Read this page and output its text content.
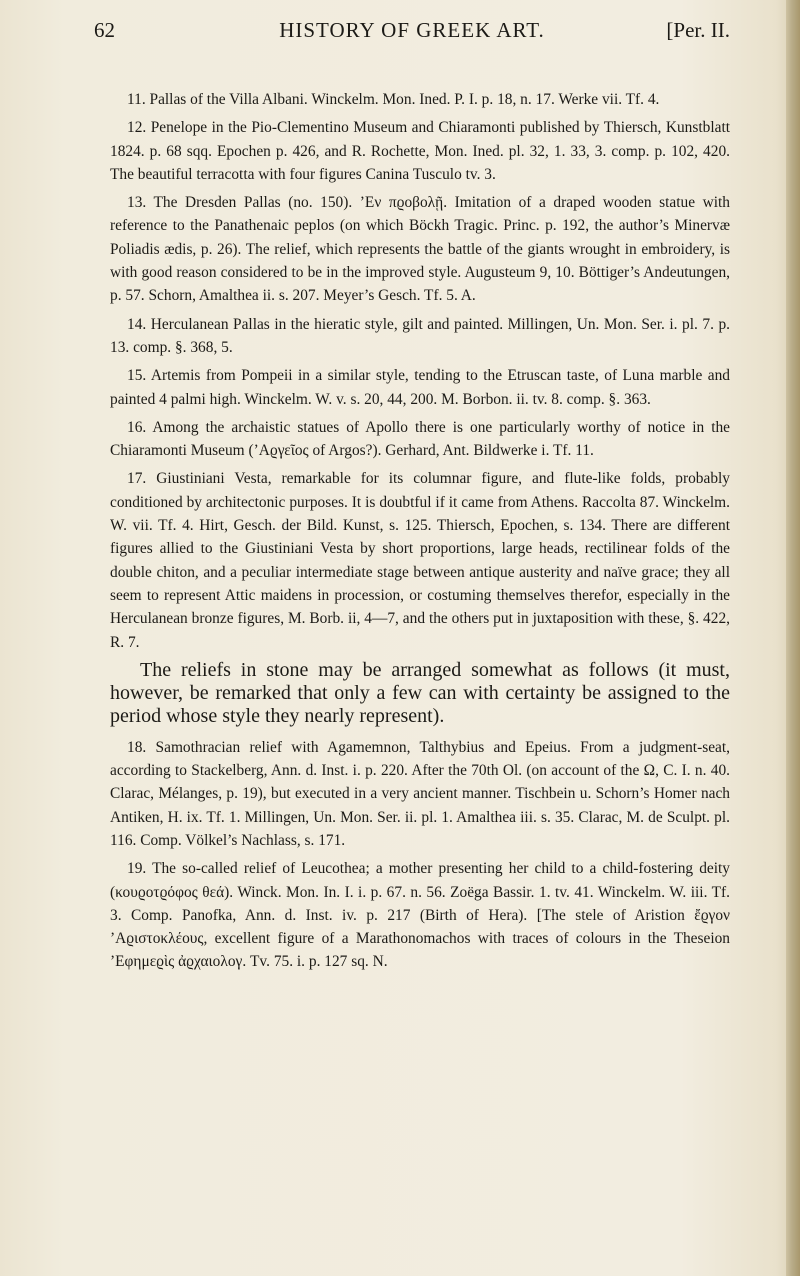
62	HISTORY OF GREEK ART.	[Per. II.

11. Pallas of the Villa Albani. Winckelm. Mon. Ined. P. I. p. 18, n. 17. Werke vii. Tf. 4.

12. Penelope in the Pio-Clementino Museum and Chiaramonti published by Thiersch, Kunstblatt 1824. p. 68 sqq. Epochen p. 426, and R. Rochette, Mon. Ined. pl. 32, 1. 33, 3. comp. p. 102, 420. The beautiful terracotta with four figures Canina Tusculo tv. 3.

13. The Dresden Pallas (no. 150). ’Εν πϱοβολῇ. Imitation of a draped wooden statue with reference to the Panathenaic peplos (on which Böckh Tragic. Princ. p. 192, the author’s Minervæ Poliadis ædis, p. 26). The relief, which represents the battle of the giants wrought in embroidery, is with good reason considered to be in the improved style. Augusteum 9, 10. Böttiger’s Andeutungen, p. 57. Schorn, Amalthea ii. s. 207. Meyer’s Gesch. Tf. 5. A.

14. Herculanean Pallas in the hieratic style, gilt and painted. Millingen, Un. Mon. Ser. i. pl. 7. p. 13. comp. §. 368, 5.

15. Artemis from Pompeii in a similar style, tending to the Etruscan taste, of Luna marble and painted 4 palmi high. Winckelm. W. v. s. 20, 44, 200. M. Borbon. ii. tv. 8. comp. §. 363.

16. Among the archaistic statues of Apollo there is one particularly worthy of notice in the Chiaramonti Museum (’Αϱγεῖος of Argos?). Gerhard, Ant. Bildwerke i. Tf. 11.

17. Giustiniani Vesta, remarkable for its columnar figure, and flute-like folds, probably conditioned by architectonic purposes. It is doubtful if it came from Athens. Raccolta 87. Winckelm. W. vii. Tf. 4. Hirt, Gesch. der Bild. Kunst, s. 125. Thiersch, Epochen, s. 134. There are different figures allied to the Giustiniani Vesta by short proportions, large heads, rectilinear folds of the double chiton, and a peculiar intermediate stage between antique austerity and naïve grace; they all seem to represent Attic maidens in procession, or costuming themselves therefor, especially in the Herculanean bronze figures, M. Borb. ii, 4—7, and the others put in juxtaposition with these, §. 422, R. 7.

The reliefs in stone may be arranged somewhat as follows (it must, however, be remarked that only a few can with certainty be assigned to the period whose style they nearly represent).

18. Samothracian relief with Agamemnon, Talthybius and Epeius. From a judgment-seat, according to Stackelberg, Ann. d. Inst. i. p. 220. After the 70th Ol. (on account of the Ω, C. I. n. 40. Clarac, Mélanges, p. 19), but executed in a very ancient manner. Tischbein u. Schorn’s Homer nach Antiken, H. ix. Tf. 1. Millingen, Un. Mon. Ser. ii. pl. 1. Amalthea iii. s. 35. Clarac, M. de Sculpt. pl. 116. Comp. Völkel’s Nachlass, s. 171.

19. The so-called relief of Leucothea; a mother presenting her child to a child-fostering deity (κουϱοτϱόφος θεά). Winck. Mon. In. I. i. p. 67. n. 56. Zoëga Bassir. 1. tv. 41. Winckelm. W. iii. Tf. 3. Comp. Panofka, Ann. d. Inst. iv. p. 217 (Birth of Hera). [The stele of Aristion ἔϱγον ’Αϱιστοκλέους, excellent figure of a Marathonomachos with traces of colours in the Theseion ’Εφημεϱὶς ἀϱχαιολογ. Tv. 75. i. p. 127 sq. N.
